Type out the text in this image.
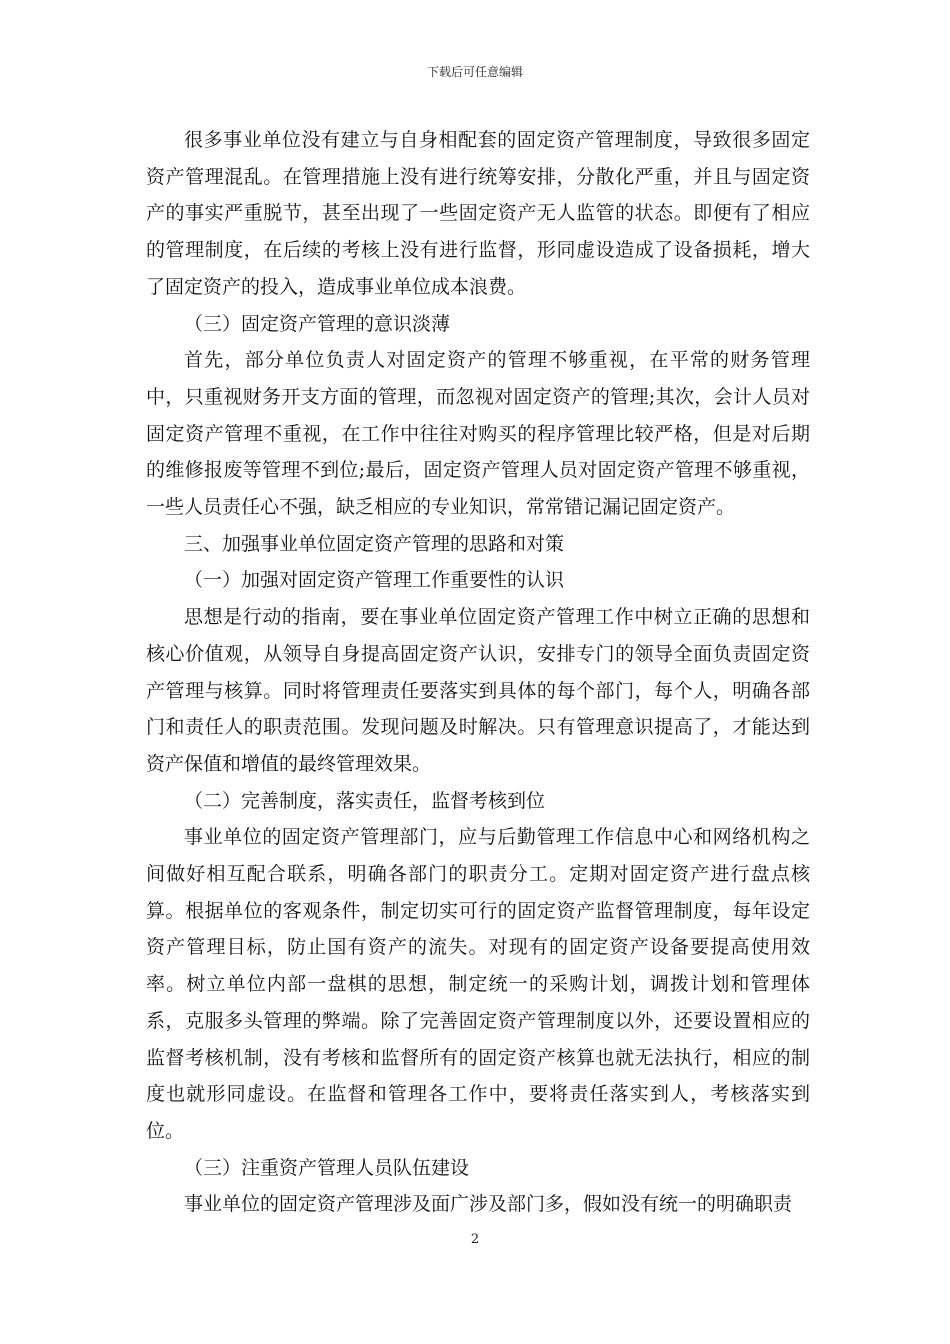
下载后可任意编辑

很多事业单位没有建立与自身相配套的固定资产管理制度，导致很多固定资产管理混乱。在管理措施上没有进行统筹安排，分散化严重，并且与固定资产的事实严重脱节，甚至出现了一些固定资产无人监管的状态。即便有了相应的管理制度，在后续的考核上没有进行监督，形同虚设造成了设备损耗，增大了固定资产的投入，造成事业单位成本浪费。

（三）固定资产管理的意识淡薄

首先，部分单位负责人对固定资产的管理不够重视，在平常的财务管理中，只重视财务开支方面的管理，而忽视对固定资产的管理;其次，会计人员对固定资产管理不重视，在工作中往往对购买的程序管理比较严格，但是对后期的维修报废等管理不到位;最后，固定资产管理人员对固定资产管理不够重视，一些人员责任心不强，缺乏相应的专业知识，常常错记漏记固定资产。

三、加强事业单位固定资产管理的思路和对策

（一）加强对固定资产管理工作重要性的认识

思想是行动的指南，要在事业单位固定资产管理工作中树立正确的思想和核心价值观，从领导自身提高固定资产认识，安排专门的领导全面负责固定资产管理与核算。同时将管理责任要落实到具体的每个部门，每个人，明确各部门和责任人的职责范围。发现问题及时解决。只有管理意识提高了，才能达到资产保值和增值的最终管理效果。

（二）完善制度，落实责任，监督考核到位

事业单位的固定资产管理部门，应与后勤管理工作信息中心和网络机构之间做好相互配合联系，明确各部门的职责分工。定期对固定资产进行盘点核算。根据单位的客观条件，制定切实可行的固定资产监督管理制度，每年设定资产管理目标，防止国有资产的流失。对现有的固定资产设备要提高使用效率。树立单位内部一盘棋的思想，制定统一的采购计划，调拨计划和管理体系，克服多头管理的弊端。除了完善固定资产管理制度以外，还要设置相应的监督考核机制，没有考核和监督所有的固定资产核算也就无法执行，相应的制度也就形同虚设。在监督和管理各工作中，要将责任落实到人，考核落实到位。

（三）注重资产管理人员队伍建设

事业单位的固定资产管理涉及面广涉及部门多，假如没有统一的明确职责

2
